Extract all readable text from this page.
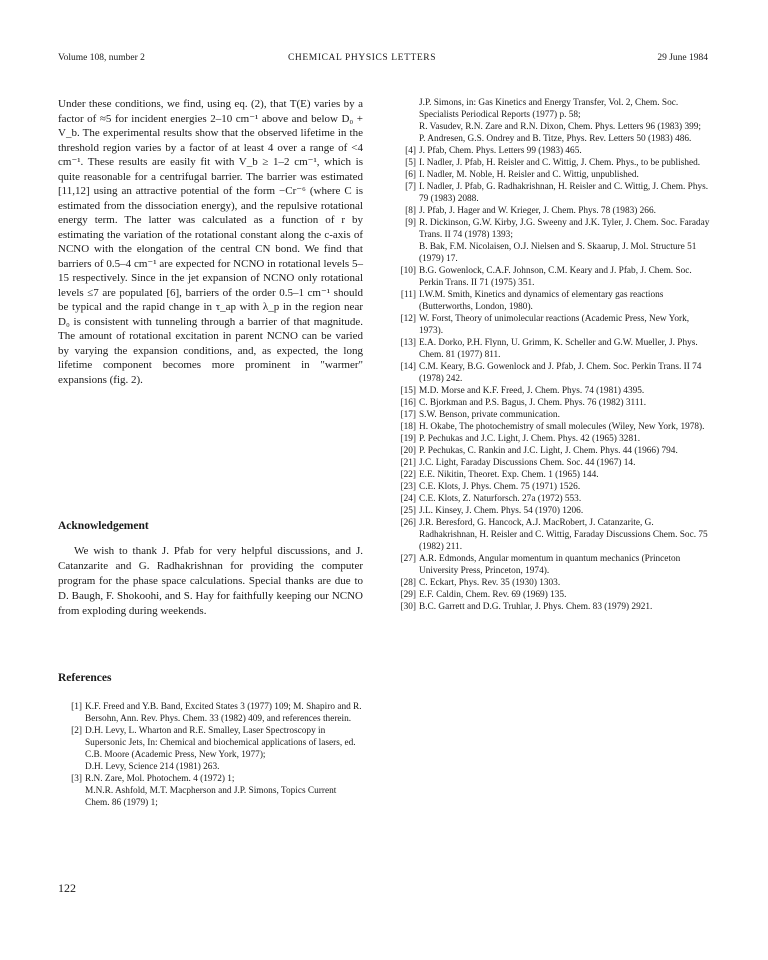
Volume 108, number 2	CHEMICAL PHYSICS LETTERS	29 June 1984

Under these conditions, we find, using eq. (2), that T(E) varies by a factor of ≈5 for incident energies 2–10 cm⁻¹ above and below D₀ + V_b. The experimental results show that the observed lifetime in the threshold region varies by a factor of at least 4 over a range of <4 cm⁻¹. These results are easily fit with V_b ≥ 1–2 cm⁻¹, which is quite reasonable for a centrifugal barrier. The barrier was estimated [11,12] using an attractive potential of the form −Cr⁻⁶ (where C is estimated from the dissociation energy), and the repulsive rotational energy term. The latter was calculated as a function of r by estimating the variation of the rotational constant along the c-axis of NCNO with the elongation of the central CN bond. We find that barriers of 0.5–4 cm⁻¹ are expected for NCNO in rotational levels 5–15 respectively. Since in the jet expansion of NCNO only rotational levels ≤7 are populated [6], barriers of the order 0.5–1 cm⁻¹ should be typical and the rapid change in τ_ap with λ_p in the region near D₀ is consistent with tunneling through a barrier of that magnitude. The amount of rotational excitation in parent NCNO can be varied by varying the expansion conditions, and, as expected, the long lifetime component becomes more prominent in "warmer" expansions (fig. 2).

Acknowledgement

We wish to thank J. Pfab for very helpful discussions, and J. Catanzarite and G. Radhakrishnan for providing the computer program for the phase space calculations. Special thanks are due to D. Baugh, F. Shokoohi, and S. Hay for faithfully keeping our NCNO from exploding during weekends.

References
[1] K.F. Freed and Y.B. Band, Excited States 3 (1977) 109; M. Shapiro and R. Bersohn, Ann. Rev. Phys. Chem. 33 (1982) 409, and references therein.
[2] D.H. Levy, L. Wharton and R.E. Smalley, Laser Spectroscopy in Supersonic Jets, In: Chemical and biochemical applications of lasers, ed. C.B. Moore (Academic Press, New York, 1977);
D.H. Levy, Science 214 (1981) 263.
[3] R.N. Zare, Mol. Photochem. 4 (1972) 1;
M.N.R. Ashfold, M.T. Macpherson and J.P. Simons, Topics Current Chem. 86 (1979) 1;
J.P. Simons, in: Gas Kinetics and Energy Transfer, Vol. 2, Chem. Soc. Specialists Periodical Reports (1977) p. 58;
R. Vasudev, R.N. Zare and R.N. Dixon, Chem. Phys. Letters 96 (1983) 399;
P. Andresen, G.S. Ondrey and B. Titze, Phys. Rev. Letters 50 (1983) 486.
[4] J. Pfab, Chem. Phys. Letters 99 (1983) 465.
[5] I. Nadler, J. Pfab, H. Reisler and C. Wittig, J. Chem. Phys., to be published.
[6] I. Nadler, M. Noble, H. Reisler and C. Wittig, unpublished.
[7] I. Nadler, J. Pfab, G. Radhakrishnan, H. Reisler and C. Wittig, J. Chem. Phys. 79 (1983) 2088.
[8] J. Pfab, J. Hager and W. Krieger, J. Chem. Phys. 78 (1983) 266.
[9] R. Dickinson, G.W. Kirby, J.G. Sweeny and J.K. Tyler, J. Chem. Soc. Faraday Trans. II 74 (1978) 1393;
B. Bak, F.M. Nicolaisen, O.J. Nielsen and S. Skaarup, J. Mol. Structure 51 (1979) 17.
[10] B.G. Gowenlock, C.A.F. Johnson, C.M. Keary and J. Pfab, J. Chem. Soc. Perkin Trans. II 71 (1975) 351.
[11] I.W.M. Smith, Kinetics and dynamics of elementary gas reactions (Butterworths, London, 1980).
[12] W. Forst, Theory of unimolecular reactions (Academic Press, New York, 1973).
[13] E.A. Dorko, P.H. Flynn, U. Grimm, K. Scheller and G.W. Mueller, J. Phys. Chem. 81 (1977) 811.
[14] C.M. Keary, B.G. Gowenlock and J. Pfab, J. Chem. Soc. Perkin Trans. II 74 (1978) 242.
[15] M.D. Morse and K.F. Freed, J. Chem. Phys. 74 (1981) 4395.
[16] C. Bjorkman and P.S. Bagus, J. Chem. Phys. 76 (1982) 3111.
[17] S.W. Benson, private communication.
[18] H. Okabe, The photochemistry of small molecules (Wiley, New York, 1978).
[19] P. Pechukas and J.C. Light, J. Chem. Phys. 42 (1965) 3281.
[20] P. Pechukas, C. Rankin and J.C. Light, J. Chem. Phys. 44 (1966) 794.
[21] J.C. Light, Faraday Discussions Chem. Soc. 44 (1967) 14.
[22] E.E. Nikitin, Theoret. Exp. Chem. 1 (1965) 144.
[23] C.E. Klots, J. Phys. Chem. 75 (1971) 1526.
[24] C.E. Klots, Z. Naturforsch. 27a (1972) 553.
[25] J.L. Kinsey, J. Chem. Phys. 54 (1970) 1206.
[26] J.R. Beresford, G. Hancock, A.J. MacRobert, J. Catanzarite, G. Radhakrishnan, H. Reisler and C. Wittig, Faraday Discussions Chem. Soc. 75 (1982) 211.
[27] A.R. Edmonds, Angular momentum in quantum mechanics (Princeton University Press, Princeton, 1974).
[28] C. Eckart, Phys. Rev. 35 (1930) 1303.
[29] E.F. Caldin, Chem. Rev. 69 (1969) 135.
[30] B.C. Garrett and D.G. Truhlar, J. Phys. Chem. 83 (1979) 2921.
122
